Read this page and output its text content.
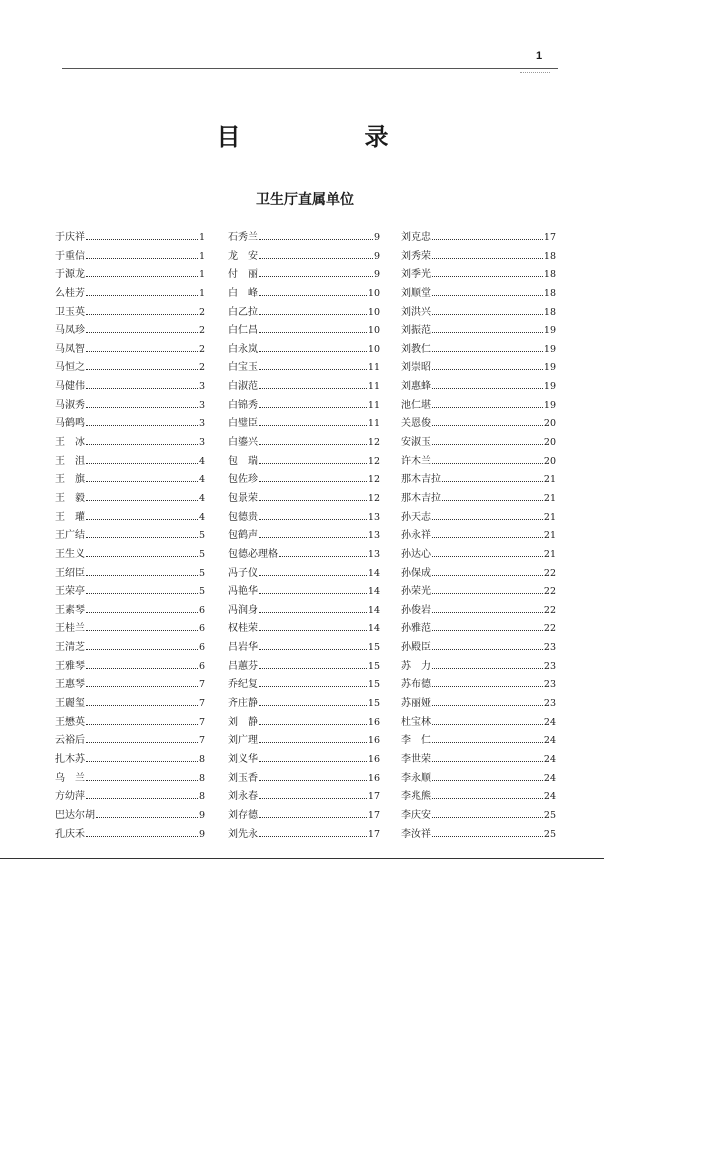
1
目　录
卫生厅直属单位
于庆祥	1
于重信	1
于源龙	1
么桂芳	1
卫玉英	2
马凤珍	2
马凤智	2
马恒之	2
马健伟	3
马淑秀	3
马鹤鸣	3
王　冰	3
王　沮	4
王　旗	4
王　毅	4
王　瓘	4
王广结	5
王生义	5
王绍臣	5
王荣亭	5
王素琴	6
王桂兰	6
王清芝	6
王雅琴	6
王惠琴	7
王麗玺	7
王懋英	7
云裕后	7
扎木苏	8
乌　兰	8
方幼萍	8
巴达尔胡	9
孔庆禾	9
石秀兰	9
龙　安	9
付　丽	9
白　峰	10
白乙拉	10
白仁昌	10
白永岚	10
白宝玉	11
白淑范	11
白锦秀	11
白璧臣	11
白鎏兴	12
包　瑞	12
包佐珍	12
包景荣	12
包德贵	13
包鹤声	13
包德必理格	13
冯子仪	14
冯艳华	14
冯润身	14
权桂荣	14
吕岩华	15
吕蕙芬	15
乔纪复	15
齐庄静	15
刘　静	16
刘广理	16
刘义华	16
刘玉香	16
刘永春	17
刘存德	17
刘先永	17
刘克忠	17
刘秀荣	18
刘季光	18
刘顺堂	18
刘洪兴	18
刘振范	19
刘教仁	19
刘崇昭	19
刘惠蜂	19
池仁堪	19
关恩俊	20
安淑玉	20
许木兰	20
那木吉拉	21
那木吉拉	21
孙天志	21
孙永祥	21
孙达心	21
孙保成	22
孙荣光	22
孙俊岩	22
孙雅范	22
孙殿臣	23
苏　力	23
苏布德	23
苏丽娅	23
杜宝林	24
李　仁	24
李世荣	24
李永顺	24
李兆熊	24
李庆安	25
李汝祥	25
